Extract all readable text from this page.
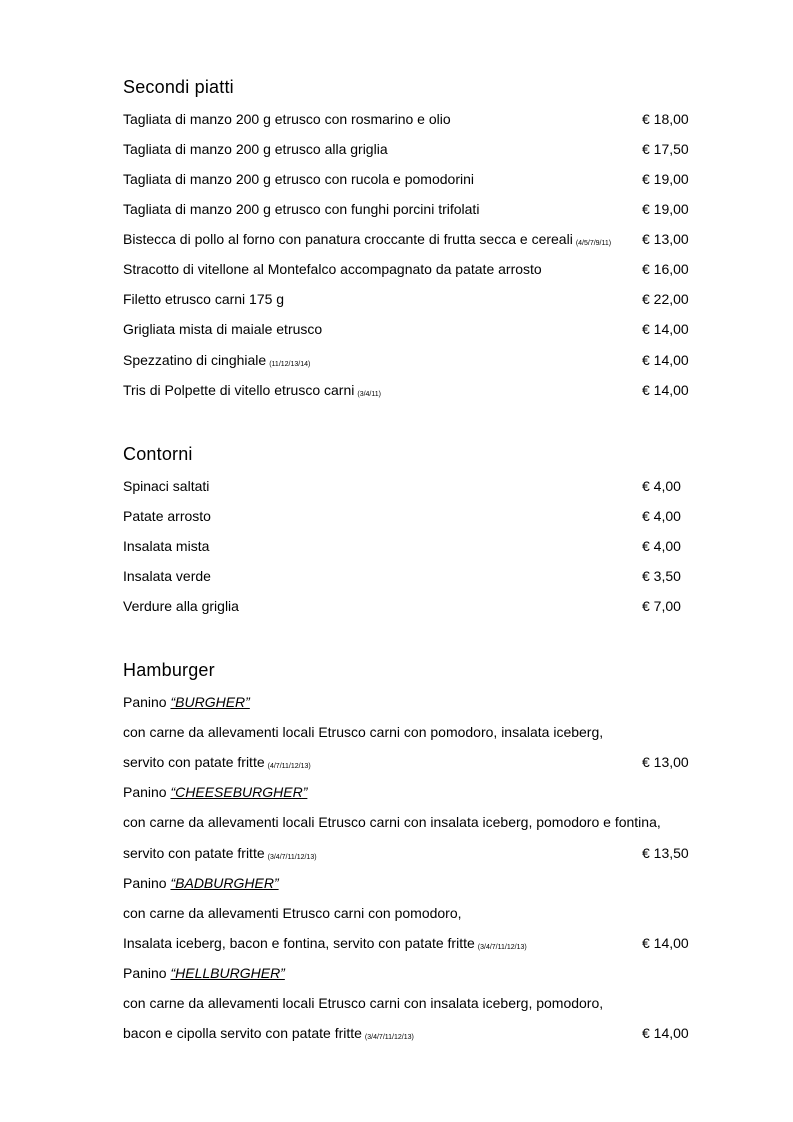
Secondi piatti
Tagliata di manzo 200 g etrusco con rosmarino e olio	€ 18,00
Tagliata di manzo 200 g etrusco alla griglia	€ 17,50
Tagliata di manzo 200 g etrusco con rucola e pomodorini	€ 19,00
Tagliata di manzo 200 g etrusco con funghi porcini trifolati	€ 19,00
Bistecca di pollo al forno con panatura croccante di frutta secca e cereali (4/5/7/9/11) € 13,00
Stracotto di vitellone al Montefalco accompagnato da patate arrosto	€ 16,00
Filetto etrusco carni 175 g	€ 22,00
Grigliata mista di maiale etrusco	€ 14,00
Spezzatino di cinghiale (11/12/13/14)	€ 14,00
Tris di Polpette di vitello etrusco carni (3/4/11)	€ 14,00
Contorni
Spinaci saltati	€ 4,00
Patate arrosto	€ 4,00
Insalata mista	€ 4,00
Insalata verde	€ 3,50
Verdure alla griglia	€ 7,00
Hamburger
Panino “BURGHER”
con carne da allevamenti locali Etrusco carni con pomodoro, insalata iceberg,
servito con patate fritte (4/7/11/12/13)	€ 13,00
Panino “CHEESEBURGHER”
con carne da allevamenti locali Etrusco carni con insalata iceberg, pomodoro e fontina,
servito con patate fritte (3/4/7/11/12/13)	€ 13,50
Panino “BADBURGHER”
con carne da allevamenti Etrusco carni con pomodoro,
Insalata iceberg, bacon e fontina, servito con patate fritte (3/4/7/11/12/13)	€ 14,00
Panino “HELLBURGHER”
con carne da allevamenti locali Etrusco carni con insalata iceberg, pomodoro,
bacon e cipolla servito con patate fritte (3/4/7/11/12/13)	€ 14,00
